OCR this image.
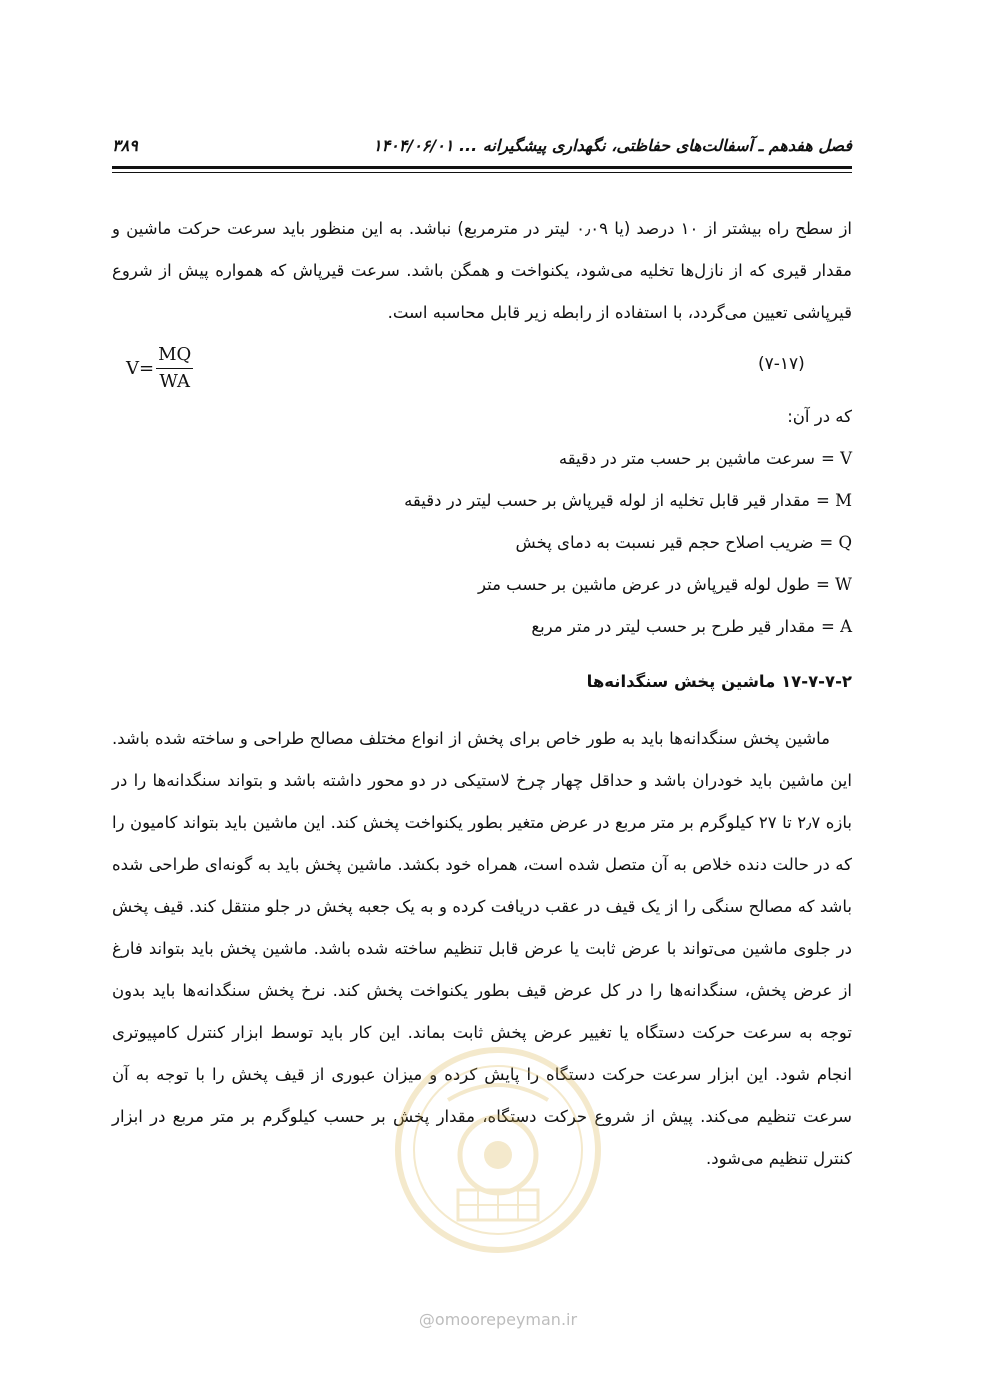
۳۸۹	فصل هفدهم ـ آسفالت‌های حفاظتی، نگهداری پیشگیرانه ... ۱۴۰۴/۰۶/۰۱

از سطح راه بیشتر از ۱۰ درصد (یا ۰٫۰۹ لیتر در مترمربع) نباشد. به این منظور باید سرعت حرکت ماشین و مقدار قیری که از نازل‌ها تخلیه می‌شود، یکنواخت و همگن باشد. سرعت قیرپاش که همواره پیش از شروع قیرپاشی تعیین می‌گردد، با استفاده از رابطه زیر قابل محاسبه است.

$V= \frac{MQ}{WA}$	(۷-۱۷)
که در آن:
V =سرعت ماشین بر حسب متر در دقیقه
M =مقدار قیر قابل تخلیه از لوله قیرپاش بر حسب لیتر در دقیقه
Q =ضریب اصلاح حجم قیر نسبت به دمای پخش
W =طول لوله قیرپاش در عرض ماشین بر حسب متر
A =مقدار قیر طرح بر حسب لیتر در متر مربع
۱۷-۷-۷-۲ ماشین پخش سنگدانه‌ها

ماشین پخش سنگدانه‌ها باید به طور خاص برای پخش از انواع مختلف مصالح طراحی و ساخته شده باشد. این ماشین باید خودران باشد و حداقل چهار چرخ لاستیکی در دو محور داشته باشد و بتواند سنگدانه‌ها را در بازه ۲٫۷ تا ۲۷ کیلوگرم بر متر مربع در عرض متغیر بطور یکنواخت پخش کند. این ماشین باید بتواند کامیون را که در حالت دنده خلاص به آن متصل شده است، همراه خود بکشد. ماشین پخش باید به گونه‌ای طراحی شده باشد که مصالح سنگی را از یک قیف در عقب دریافت کرده و به یک جعبه پخش در جلو منتقل کند. قیف پخش در جلوی ماشین می‌تواند با عرض ثابت یا عرض قابل تنظیم ساخته شده باشد. ماشین پخش باید بتواند فارغ از عرض پخش، سنگدانه‌ها را در کل عرض قیف بطور یکنواخت پخش کند. نرخ پخش سنگدانه‌ها باید بدون توجه به سرعت حرکت دستگاه یا تغییر عرض پخش ثابت بماند. این کار باید توسط ابزار کنترل کامپیوتری انجام شود. این ابزار سرعت حرکت دستگاه را پایش کرده و میزان عبوری از قیف پخش را با توجه به آن سرعت تنظیم می‌کند. پیش از شروع حرکت دستگاه، مقدار پخش بر حسب کیلوگرم بر متر مربع در ابزار کنترل تنظیم می‌شود.

@omoorepeyman.ir
